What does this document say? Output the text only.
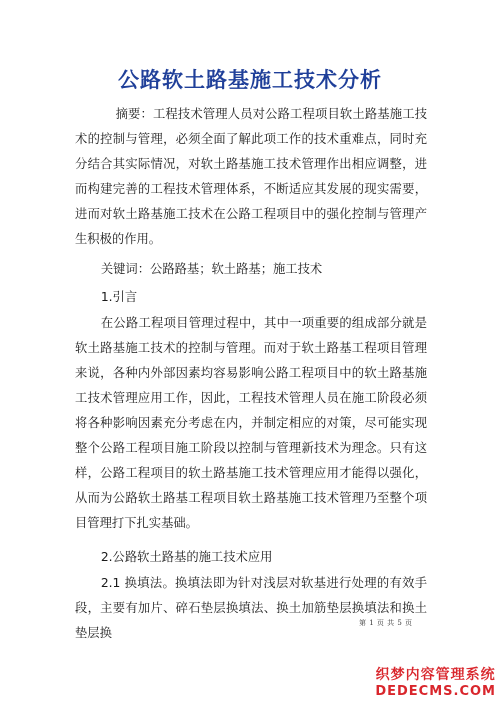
公路软土路基施工技术分析

摘要：工程技术管理人员对公路工程项目软土路基施工技术的控制与管理，必须全面了解此项工作的技术重难点，同时充分结合其实际情况，对软土路基施工技术管理作出相应调整，进而构建完善的工程技术管理体系，不断适应其发展的现实需要，进而对软土路基施工技术在公路工程项目中的强化控制与管理产生积极的作用。

关键词：公路路基；软土路基；施工技术

1.引言

在公路工程项目管理过程中，其中一项重要的组成部分就是软土路基施工技术的控制与管理。而对于软土路基工程项目管理来说，各种内外部因素均容易影响公路工程项目中的软土路基施工技术管理应用工作，因此，工程技术管理人员在施工阶段必须将各种影响因素充分考虑在内，并制定相应的对策，尽可能实现整个公路工程项目施工阶段以控制与管理新技术为理念。只有这样，公路工程项目的软土路基施工技术管理应用才能得以强化，从而为公路软土路基工程项目软土路基施工技术管理乃至整个项目管理打下扎实基础。

2.公路软土路基的施工技术应用

2.1 换填法。换填法即为针对浅层对软基进行处理的有效手段，主要有加片、碎石垫层换填法、换土加筋垫层换填法和换土垫层换

第 1 页 共 5 页
织梦内容管理系统
DEDECMS.COM
